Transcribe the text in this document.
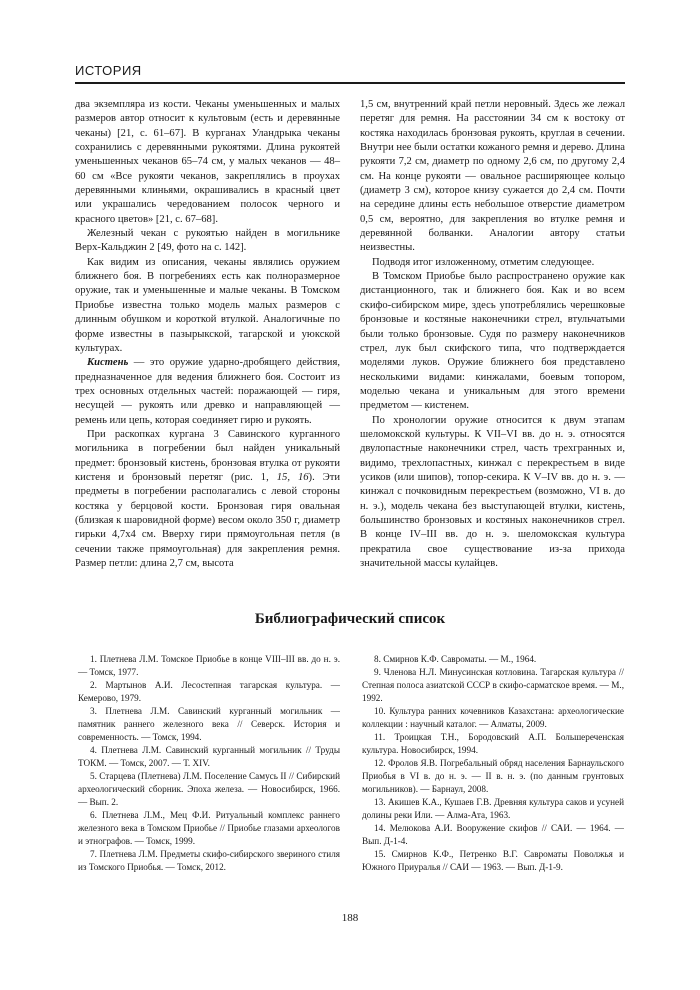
ИСТОРИЯ

два экземпляра из кости. Чеканы уменьшенных и малых размеров автор относит к культовым (есть и деревянные чеканы) [21, с. 61–67]. В курганах Уландрыка чеканы сохранились с деревянными рукоятями. Длина рукоятей уменьшенных чеканов 65–74 см, у малых чеканов — 48–60 см «Все рукояти чеканов, закреплялись в проухах деревянными клиньями, окрашивались в красный цвет или украшались чередованием полосок черного и красного цветов» [21, с. 67–68].

Железный чекан с рукоятью найден в могильнике Верх-Кальджин 2 [49, фото на с. 142].

Как видим из описания, чеканы являлись оружием ближнего боя. В погребениях есть как полноразмерное оружие, так и уменьшенные и малые чеканы. В Томском Приобье известна только модель малых размеров с длинным обушком и короткой втулкой. Аналогичные по форме известны в пазырыкской, тагарской и уюкской культурах.

Кистень — это оружие ударно-дробящего действия, предназначенное для ведения ближнего боя. Состоит из трех основных отдельных частей: поражающей — гиря, несущей — рукоять или древко и направляющей — ремень или цепь, которая соединяет гирю и рукоять.

При раскопках кургана 3 Савинского курганного могильника в погребении был найден уникальный предмет: бронзовый кистень, бронзовая втулка от рукояти кистеня и бронзовый перетяг (рис. 1, 15, 16). Эти предметы в погребении располагались с левой стороны костяка у берцовой кости. Бронзовая гиря овальная (близкая к шаровидной форме) весом около 350 г, диаметр гирьки 4,7х4 см. Вверху гири прямоугольная петля (в сечении также прямоугольная) для закрепления ремня. Размер петли: длина 2,7 см, высота

1,5 см, внутренний край петли неровный. Здесь же лежал перетяг для ремня. На расстоянии 34 см к востоку от костяка находилась бронзовая рукоять, круглая в сечении. Внутри нее были остатки кожаного ремня и дерево. Длина рукояти 7,2 см, диаметр по одному 2,6 см, по другому 2,4 см. На конце рукояти — овальное расширяющее кольцо (диаметр 3 см), которое книзу сужается до 2,4 см. Почти на середине длины есть небольшое отверстие диаметром 0,5 см, вероятно, для закрепления во втулке ремня и деревянной болванки. Аналогии автору статьи неизвестны.

Подводя итог изложенному, отметим следующее.

В Томском Приобье было распространено оружие как дистанционного, так и ближнего боя. Как и во всем скифо-сибирском мире, здесь употреблялись черешковые бронзовые и костяные наконечники стрел, втульчатыми были только бронзовые. Судя по размеру наконечников стрел, лук был скифского типа, что подтверждается моделями луков. Оружие ближнего боя представлено несколькими видами: кинжалами, боевым топором, моделью чекана и уникальным для этого времени предметом — кистенем.

По хронологии оружие относится к двум этапам шеломокской культуры. К VII–VI вв. до н. э. относятся двулопастные наконечники стрел, часть трехгранных и, видимо, трехлопастных, кинжал с перекрестьем в виде усиков (или шипов), топор-секира. К V–IV вв. до н. э. — кинжал с почковидным перекрестьем (возможно, VI в. до н. э.), модель чекана без выступающей втулки, кистень, большинство бронзовых и костяных наконечников стрел. В конце IV–III вв. до н. э. шеломокская культура прекратила свое существование из-за прихода значительной массы кулайцев.

Библиографический список

1. Плетнева Л.М. Томское Приобье в конце VIII–III вв. до н. э. — Томск, 1977.

2. Мартынов А.И. Лесостепная тагарская культура. — Кемерово, 1979.

3. Плетнева Л.М. Савинский курганный могильник — памятник раннего железного века // Северск. История и современность. — Томск, 1994.

4. Плетнева Л.М. Савинский курганный могильник // Труды ТОКМ. — Томск, 2007. — Т. XIV.

5. Старцева (Плетнева) Л.М. Поселение Самусь II // Сибирский археологический сборник. Эпоха железа. — Новосибирск, 1966. — Вып. 2.

6. Плетнева Л.М., Мец Ф.И. Ритуальный комплекс раннего железного века в Томском Приобье // Приобье глазами археологов и этнографов. — Томск, 1999.

7. Плетнева Л.М. Предметы скифо-сибирского звериного стиля из Томского Приобья. — Томск, 2012.

8. Смирнов К.Ф. Савроматы. — М., 1964.

9. Членова Н.Л. Минусинская котловина. Тагарская культура // Степная полоса азиатской СССР в скифо-сарматское время. — М., 1992.

10. Культура ранних кочевников Казахстана: археологические коллекции : научный каталог. — Алматы, 2009.

11. Троицкая Т.Н., Бородовский А.П. Большереченская культура. Новосибирск, 1994.

12. Фролов Я.В. Погребальный обряд населения Барнаульского Приобья в VI в. до н. э. — II в. н. э. (по данным грунтовых могильников). — Барнаул, 2008.

13. Акишев К.А., Кушаев Г.В. Древняя культура саков и усуней долины реки Или. — Алма-Ата, 1963.

14. Мелюкова А.И. Вооружение скифов // САИ. — 1964. — Вып. Д-1-4.

15. Смирнов К.Ф., Петренко В.Г. Савроматы Поволжья и Южного Приуралья // САИ — 1963. — Вып. Д-1-9.

188
